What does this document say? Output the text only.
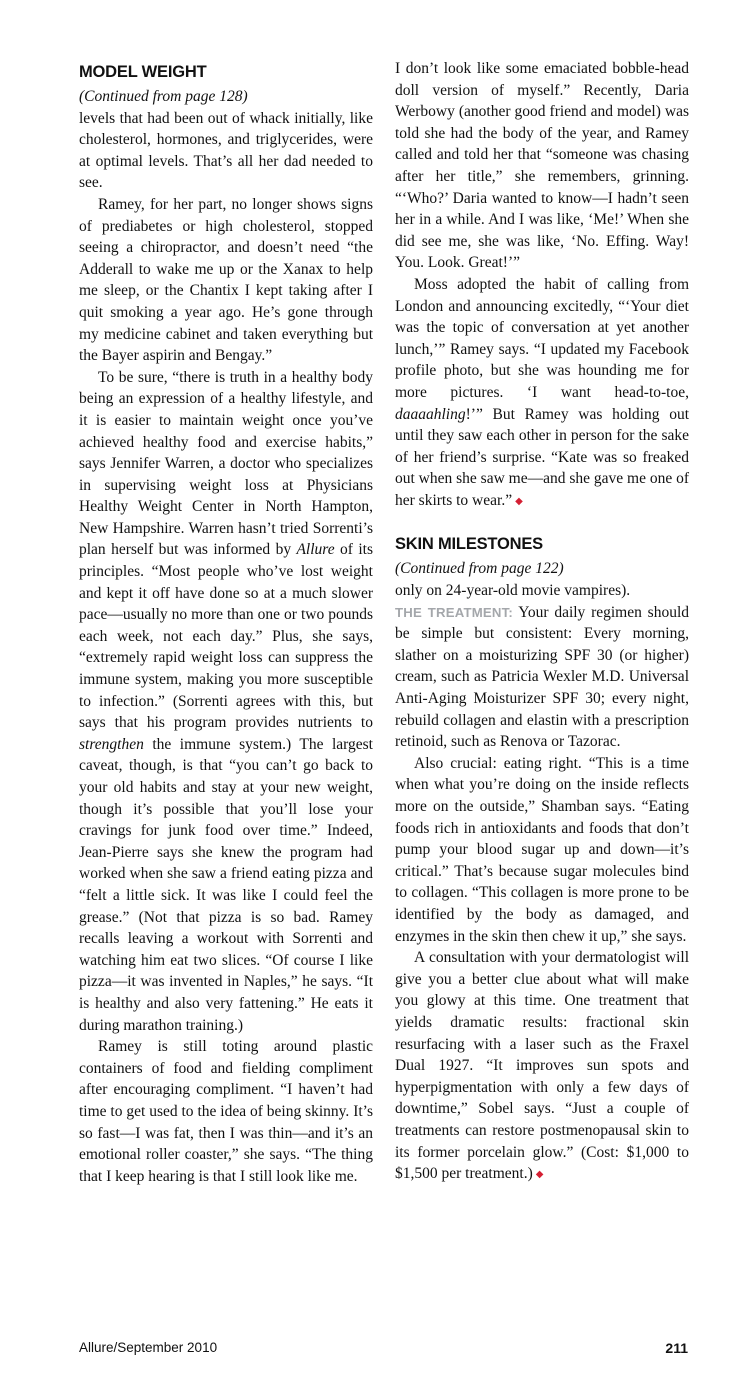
MODEL WEIGHT
(Continued from page 128)

levels that had been out of whack initially, like cholesterol, hormones, and triglycerides, were at optimal levels. That’s all her dad needed to see.

Ramey, for her part, no longer shows signs of prediabetes or high cholesterol, stopped seeing a chiropractor, and doesn’t need “the Adderall to wake me up or the Xanax to help me sleep, or the Chantix I kept taking after I quit smoking a year ago. He’s gone through my medicine cabinet and taken everything but the Bayer aspirin and Bengay.”

To be sure, “there is truth in a healthy body being an expression of a healthy lifestyle, and it is easier to maintain weight once you’ve achieved healthy food and exercise habits,” says Jennifer Warren, a doctor who specializes in supervising weight loss at Physicians Healthy Weight Center in North Hampton, New Hampshire. Warren hasn’t tried Sorrenti’s plan herself but was informed by Allure of its principles. “Most people who’ve lost weight and kept it off have done so at a much slower pace—usually no more than one or two pounds each week, not each day.” Plus, she says, “extremely rapid weight loss can suppress the immune system, making you more susceptible to infection.” (Sorrenti agrees with this, but says that his program provides nutrients to strengthen the immune system.) The largest caveat, though, is that “you can’t go back to your old habits and stay at your new weight, though it’s possible that you’ll lose your cravings for junk food over time.” Indeed, Jean-Pierre says she knew the program had worked when she saw a friend eating pizza and “felt a little sick. It was like I could feel the grease.” (Not that pizza is so bad. Ramey recalls leaving a workout with Sorrenti and watching him eat two slices. “Of course I like pizza—it was invented in Naples,” he says. “It is healthy and also very fattening.” He eats it during marathon training.)

Ramey is still toting around plastic containers of food and fielding compliment after encouraging compliment. “I haven’t had time to get used to the idea of being skinny. It’s so fast—I was fat, then I was thin—and it’s an emotional roller coaster,” she says. “The thing that I keep hearing is that I still look like me.

I don’t look like some emaciated bobble-head doll version of myself.” Recently, Daria Werbowy (another good friend and model) was told she had the body of the year, and Ramey called and told her that “someone was chasing after her title,” she remembers, grinning. “‘Who?’ Daria wanted to know—I hadn’t seen her in a while. And I was like, ‘Me!’ When she did see me, she was like, ‘No. Effing. Way! You. Look. Great!’”

Moss adopted the habit of calling from London and announcing excitedly, “‘Your diet was the topic of conversation at yet another lunch,’” Ramey says. “I updated my Facebook profile photo, but she was hounding me for more pictures. ‘I want head-to-toe, daaaahling!’” But Ramey was holding out until they saw each other in person for the sake of her friend’s surprise. “Kate was so freaked out when she saw me—and she gave me one of her skirts to wear.” ◆

SKIN MILESTONES
(Continued from page 122)

only on 24-year-old movie vampires).

THE TREATMENT: Your daily regimen should be simple but consistent: Every morning, slather on a moisturizing SPF 30 (or higher) cream, such as Patricia Wexler M.D. Universal Anti-Aging Moisturizer SPF 30; every night, rebuild collagen and elastin with a prescription retinoid, such as Renova or Tazorac.

Also crucial: eating right. “This is a time when what you’re doing on the inside reflects more on the outside,” Shamban says. “Eating foods rich in antioxidants and foods that don’t pump your blood sugar up and down—it’s critical.” That’s because sugar molecules bind to collagen. “This collagen is more prone to be identified by the body as damaged, and enzymes in the skin then chew it up,” she says.

A consultation with your dermatologist will give you a better clue about what will make you glowy at this time. One treatment that yields dramatic results: fractional skin resurfacing with a laser such as the Fraxel Dual 1927. “It improves sun spots and hyperpigmentation with only a few days of downtime,” Sobel says. “Just a couple of treatments can restore postmenopausal skin to its former porcelain glow.” (Cost: $1,000 to $1,500 per treatment.) ◆

Allure/September 2010	211
